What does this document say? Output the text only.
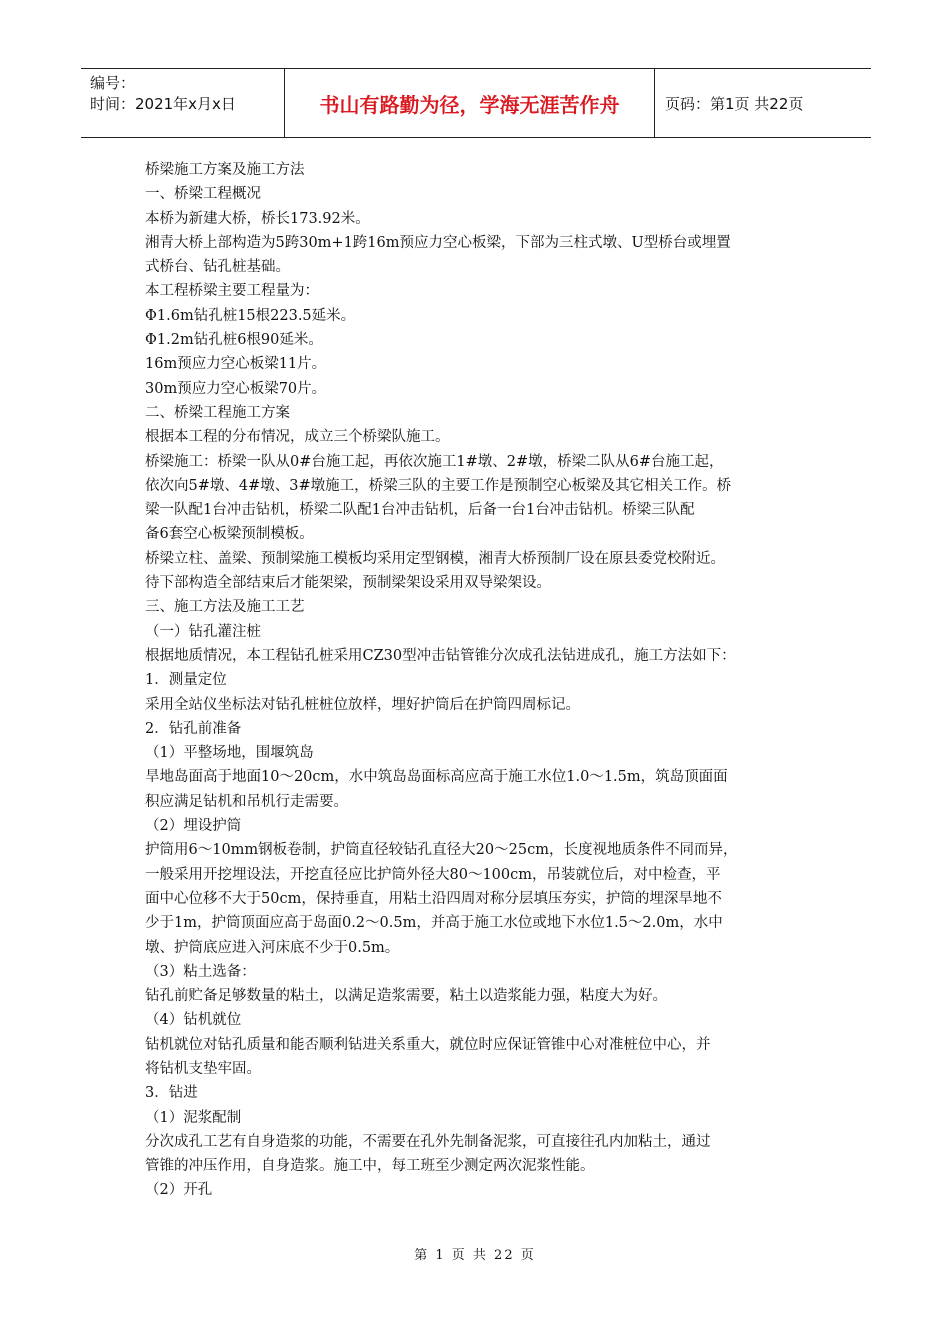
编号：
时间：2021年x月x日	书山有路勤为径，学海无涯苦作舟	页码：第1页 共22页

桥梁施工方案及施工方法

一、桥梁工程概况

本桥为新建大桥，桥长173.92米。

湘青大桥上部构造为5跨30m+1跨16m预应力空心板梁，下部为三柱式墩、U型桥台或埋置

式桥台、钻孔桩基础。

本工程桥梁主要工程量为：

Φ1.6m钻孔桩15根223.5延米。

Φ1.2m钻孔桩6根90延米。

16m预应力空心板梁11片。

30m预应力空心板梁70片。

二、桥梁工程施工方案

根据本工程的分布情况，成立三个桥梁队施工。

桥梁施工：桥梁一队从0#台施工起，再依次施工1#墩、2#墩，桥梁二队从6#台施工起，

依次向5#墩、4#墩、3#墩施工，桥梁三队的主要工作是预制空心板梁及其它相关工作。桥

梁一队配1台冲击钻机，桥梁二队配1台冲击钻机，后备一台1台冲击钻机。桥梁三队配

备6套空心板梁预制模板。

桥梁立柱、盖梁、预制梁施工模板均采用定型钢模，湘青大桥预制厂设在原县委党校附近。

待下部构造全部结束后才能架梁，预制梁架设采用双导梁架设。

三、施工方法及施工工艺

（一）钻孔灌注桩

根据地质情况，本工程钻孔桩采用CZ30型冲击钻管锥分次成孔法钻进成孔，施工方法如下：

1．测量定位

采用全站仪坐标法对钻孔桩桩位放样，埋好护筒后在护筒四周标记。

2．钻孔前准备

（1）平整场地，围堰筑岛

旱地岛面高于地面10～20cm，水中筑岛岛面标高应高于施工水位1.0～1.5m，筑岛顶面面

积应满足钻机和吊机行走需要。

（2）埋设护筒

护筒用6～10mm钢板卷制，护筒直径较钻孔直径大20～25cm，长度视地质条件不同而异，

一般采用开挖埋设法，开挖直径应比护筒外径大80～100cm，吊装就位后，对中检查，平

面中心位移不大于50cm，保持垂直，用粘土沿四周对称分层填压夯实，护筒的埋深旱地不

少于1m，护筒顶面应高于岛面0.2～0.5m，并高于施工水位或地下水位1.5～2.0m，水中

墩、护筒底应进入河床底不少于0.5m。

（3）粘土选备：

钻孔前贮备足够数量的粘土，以满足造浆需要，粘土以造浆能力强，粘度大为好。

（4）钻机就位

钻机就位对钻孔质量和能否顺利钻进关系重大，就位时应保证管锥中心对准桩位中心，并

将钻机支垫牢固。

3．钻进

（1）泥浆配制

分次成孔工艺有自身造浆的功能，不需要在孔外先制备泥浆，可直接往孔内加粘土，通过

管锥的冲压作用，自身造浆。施工中，每工班至少测定两次泥浆性能。

（2）开孔

第 1 页 共 22 页
